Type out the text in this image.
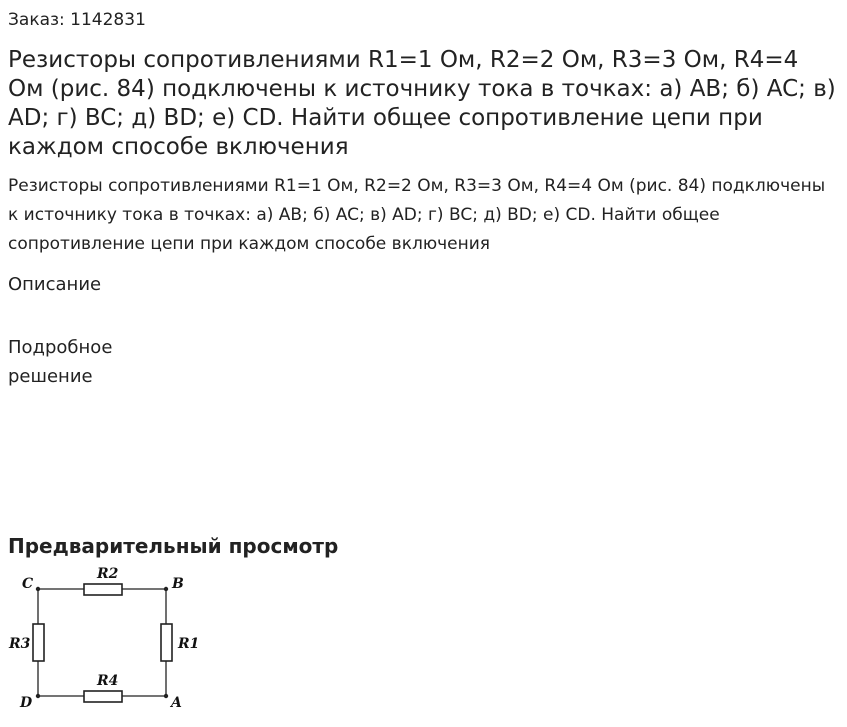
Заказ: 1142831
Резисторы сопротивлениями R1=1 Ом, R2=2 Ом, R3=3 Ом, R4=4 Ом (рис. 84) подключены к источнику тока в точках: а) AB; б) AC; в) AD; г) BC; д) BD; е) CD. Найти общее сопротивление цепи при каждом способе включения

Резисторы сопротивлениями R1=1 Ом, R2=2 Ом, R3=3 Ом, R4=4 Ом (рис. 84) подключены к источнику тока в точках: а) AB; б) AC; в) AD; г) BC; д) BD; е) CD. Найти общее сопротивление цепи при каждом способе включения

Описание
Подробное решение
Предварительный просмотр
C	B
D	A
R2
R3	R1
R4
